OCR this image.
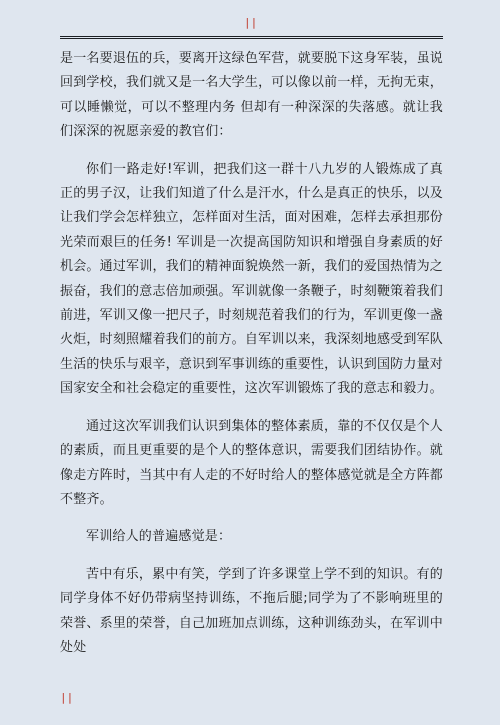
||

是一名要退伍的兵，要离开这绿色军营，就要脱下这身军装，虽说回到学校，我们就又是一名大学生，可以像以前一样，无拘无束，可以睡懒觉，可以不整理内务 但却有一种深深的失落感。就让我们深深的祝愿亲爱的教官们：

你们一路走好!军训，把我们这一群十八九岁的人锻炼成了真正的男子汉，让我们知道了什么是汗水，什么是真正的快乐，以及让我们学会怎样独立，怎样面对生活，面对困难，怎样去承担那份光荣而艰巨的任务! 军训是一次提高国防知识和增强自身素质的好机会。通过军训，我们的精神面貌焕然一新，我们的爱国热情为之振奋，我们的意志倍加顽强。军训就像一条鞭子，时刻鞭策着我们前进，军训又像一把尺子，时刻规范着我们的行为，军训更像一盏火炬，时刻照耀着我们的前方。自军训以来，我深刻地感受到军队生活的快乐与艰辛，意识到军事训练的重要性，认识到国防力量对国家安全和社会稳定的重要性，这次军训锻炼了我的意志和毅力。

通过这次军训我们认识到集体的整体素质，靠的不仅仅是个人的素质，而且更重要的是个人的整体意识，需要我们团结协作。就像走方阵时，当其中有人走的不好时给人的整体感觉就是全方阵都不整齐。

军训给人的普遍感觉是：

苦中有乐，累中有笑，学到了许多课堂上学不到的知识。有的同学身体不好仍带病坚持训练，不拖后腿;同学为了不影响班里的荣誉、系里的荣誉，自己加班加点训练，这种训练劲头，在军训中处处

||
